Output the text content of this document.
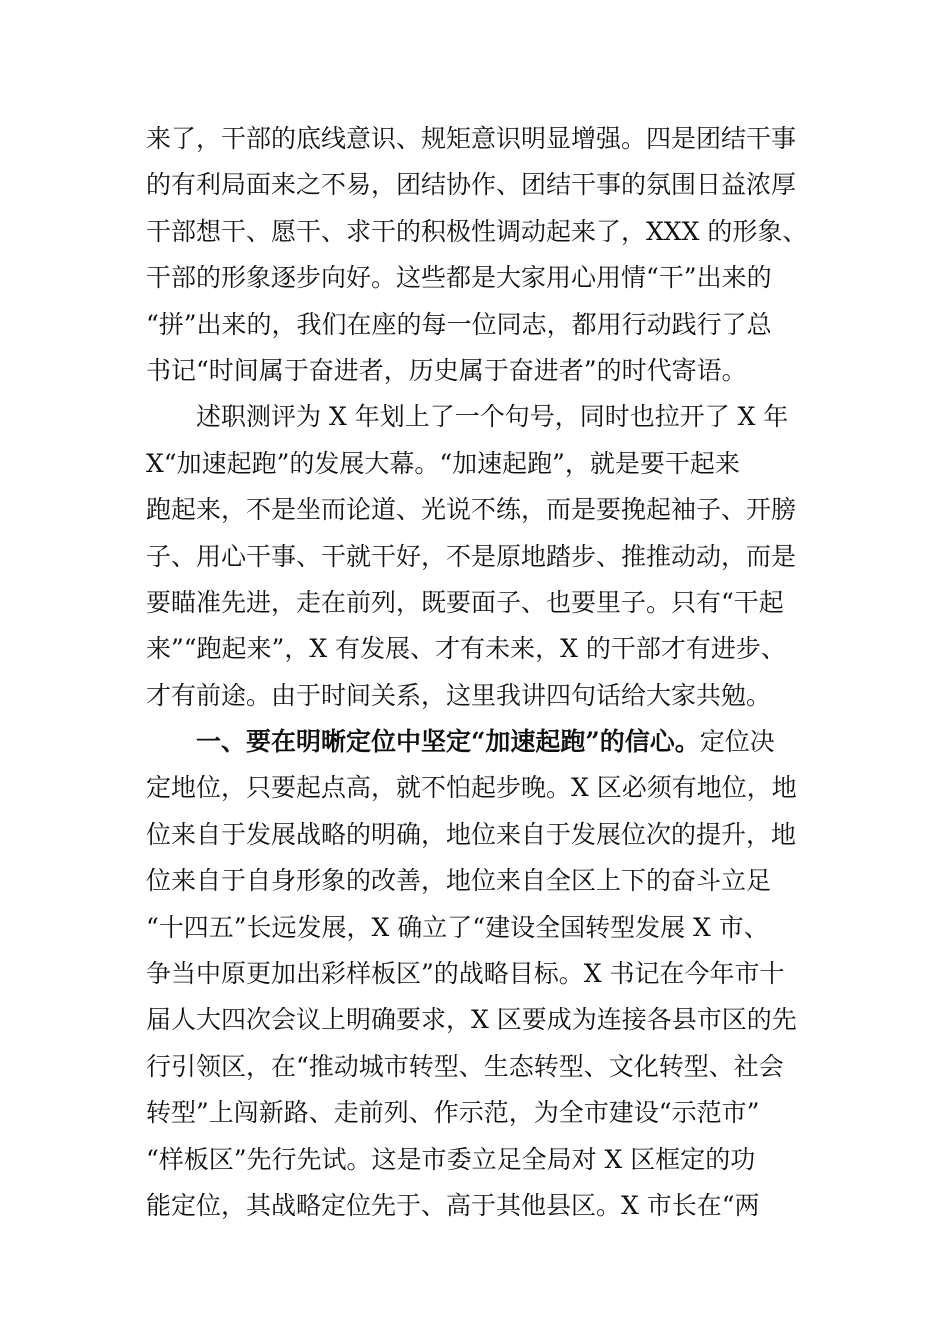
来了，干部的底线意识、规矩意识明显增强。四是团结干事
的有利局面来之不易，团结协作、团结干事的氛围日益浓厚
干部想干、愿干、求干的积极性调动起来了，XXX 的形象、
干部的形象逐步向好。这些都是大家用心用情“干”出来的
“拼”出来的，我们在座的每一位同志，都用行动践行了总
书记“时间属于奋进者，历史属于奋进者”的时代寄语。
述职测评为 X 年划上了一个句号，同时也拉开了 X 年
X“加速起跑”的发展大幕。“加速起跑”，就是要干起来
跑起来，不是坐而论道、光说不练，而是要挽起袖子、开膀
子、用心干事、干就干好，不是原地踏步、推推动动，而是
要瞄准先进，走在前列，既要面子、也要里子。只有“干起
来”“跑起来”，X 有发展、才有未来，X 的干部才有进步、
才有前途。由于时间关系，这里我讲四句话给大家共勉。
一、要在明晰定位中坚定“加速起跑”的信心。定位决
定地位，只要起点高，就不怕起步晚。X 区必须有地位，地
位来自于发展战略的明确，地位来自于发展位次的提升，地
位来自于自身形象的改善，地位来自全区上下的奋斗立足
“十四五”长远发展，X 确立了“建设全国转型发展 X 市、
争当中原更加出彩样板区”的战略目标。X 书记在今年市十
届人大四次会议上明确要求，X 区要成为连接各县市区的先
行引领区，在“推动城市转型、生态转型、文化转型、社会
转型”上闯新路、走前列、作示范，为全市建设“示范市”
“样板区”先行先试。这是市委立足全局对 X 区框定的功
能定位，其战略定位先于、高于其他县区。X 市长在“两
